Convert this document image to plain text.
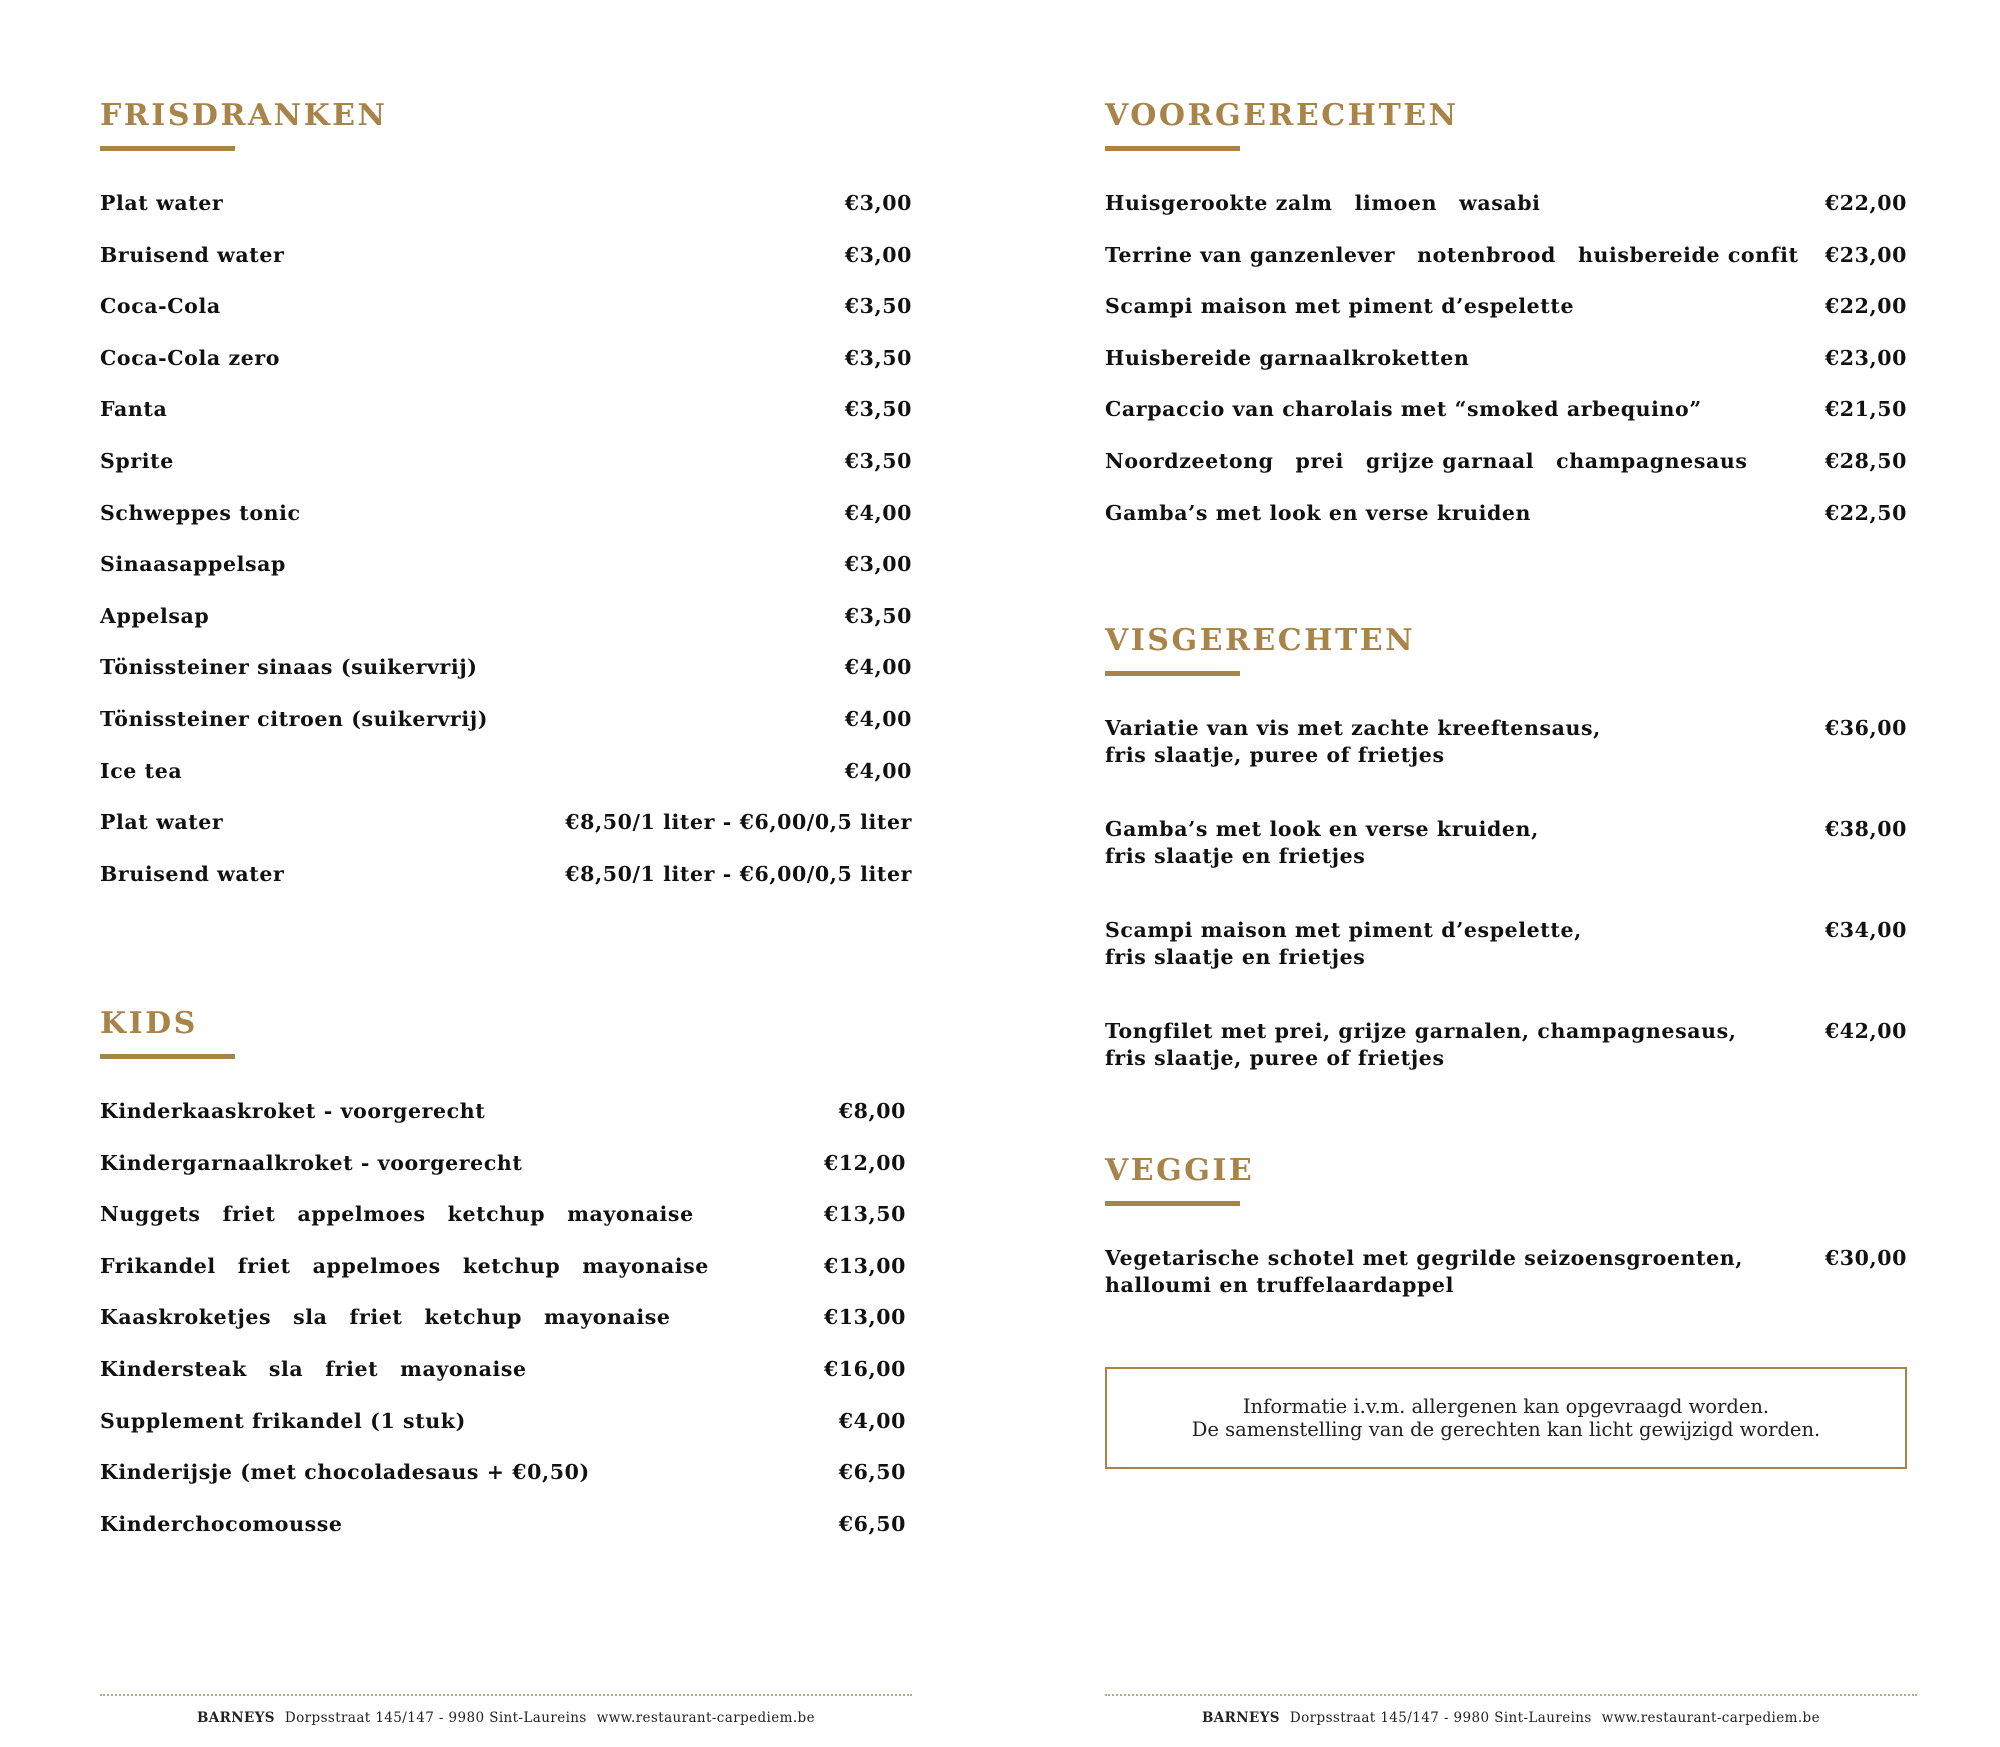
FRISDRANKEN
Plat water	€3,00
Bruisend water	€3,00
Coca-Cola	€3,50
Coca-Cola zero	€3,50
Fanta	€3,50
Sprite	€3,50
Schweppes tonic	€4,00
Sinaasappelsap	€3,00
Appelsap	€3,50
Tönissteiner sinaas (suikervrij)	€4,00
Tönissteiner citroen (suikervrij)	€4,00
Ice tea	€4,00
Plat water	€8,50/1 liter - €6,00/0,5 liter
Bruisend water	€8,50/1 liter - €6,00/0,5 liter
KIDS
Kinderkaaskroket - voorgerecht	€8,00
Kindergarnaalkroket - voorgerecht	€12,00
Nuggets friet appelmoes ketchup mayonaise	€13,50
Frikandel friet appelmoes ketchup mayonaise	€13,00
Kaaskroketjes sla friet ketchup mayonaise	€13,00
Kindersteak sla friet mayonaise	€16,00
Supplement frikandel (1 stuk)	€4,00
Kinderijsje (met chocoladesaus + €0,50)	€6,50
Kinderchocomousse	€6,50
BARNEYS Dorpsstraat 145/147 - 9980 Sint-Laureins www.restaurant-carpediem.be
VOORGERECHTEN
Huisgerookte zalm limoen wasabi	€22,00
Terrine van ganzenlever notenbrood huisbereide confit €23,00
Scampi maison met piment d’espelette	€22,00
Huisbereide garnaalkroketten	€23,00
Carpaccio van charolais met “smoked arbequino”	€21,50
Noordzeetong prei grijze garnaal champagnesaus	€28,50
Gamba’s met look en verse kruiden	€22,50
VISGERECHTEN
Variatie van vis met zachte kreeftensaus,
fris slaatje, puree of frietjes
€36,00
Gamba’s met look en verse kruiden,
fris slaatje en frietjes
€38,00
Scampi maison met piment d’espelette,
fris slaatje en frietjes
€34,00
Tongfilet met prei, grijze garnalen, champagnesaus,
fris slaatje, puree of frietjes
€42,00
VEGGIE
Vegetarische schotel met gegrilde seizoensgroenten,
halloumi en truffelaardappel
€30,00
Informatie i.v.m. allergenen kan opgevraagd worden.
De samenstelling van de gerechten kan licht gewijzigd worden.
BARNEYS Dorpsstraat 145/147 - 9980 Sint-Laureins www.restaurant-carpediem.be
